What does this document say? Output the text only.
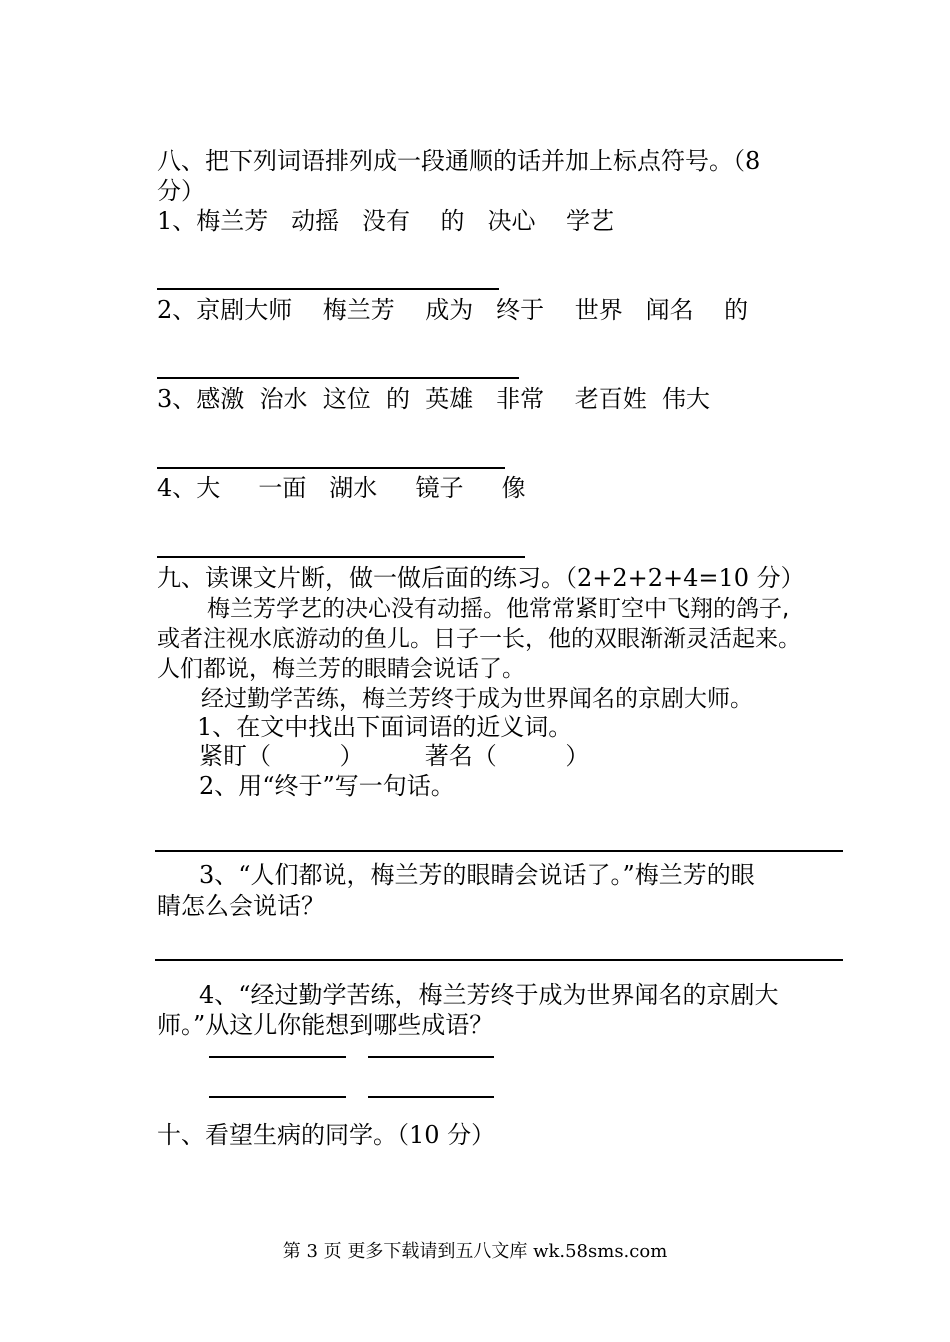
八、把下列词语排列成一段通顺的话并加上标点符号。（8
分）
1、梅兰芳   动摇   没有    的   决心    学艺
2、京剧大师    梅兰芳    成为   终于    世界   闻名    的
3、感激  治水  这位  的  英雄   非常    老百姓  伟大
4、大     一面   湖水     镜子     像
九、读课文片断，做一做后面的练习。（2+2+2+4=10 分）
梅兰芳学艺的决心没有动摇。他常常紧盯空中飞翔的鸽子,
或者注视水底游动的鱼儿。日子一长，他的双眼渐渐灵活起来。
人们都说，梅兰芳的眼睛会说话了。
经过勤学苦练，梅兰芳终于成为世界闻名的京剧大师。
1、在文中找出下面词语的近义词。
紧盯（         ）        著名（         ）
2、用“终于”写一句话。
3、“人们都说，梅兰芳的眼睛会说话了。”梅兰芳的眼
睛怎么会说话？
4、“经过勤学苦练，梅兰芳终于成为世界闻名的京剧大
师。”从这儿你能想到哪些成语？
十、看望生病的同学。（10 分）
第 3 页 更多下载请到五八文库 wk.58sms.com
